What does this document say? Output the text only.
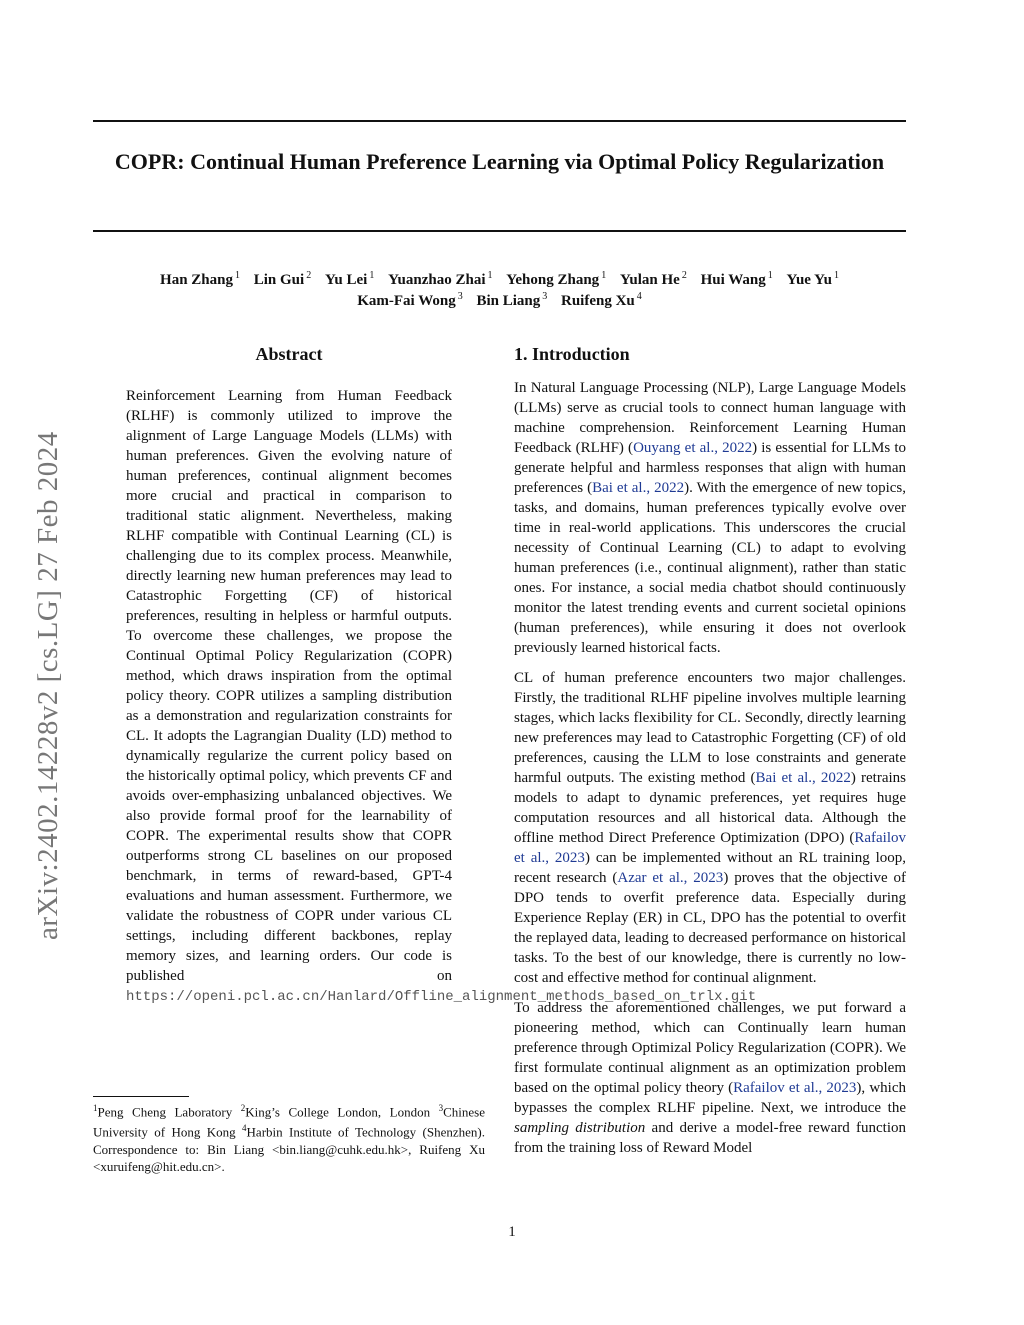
COPR: Continual Human Preference Learning via Optimal Policy Regularization
Han Zhang $^1$ Lin Gui $^2$ Yu Lei $^1$ Yuanzhao Zhai $^1$ Yehong Zhang $^1$ Yulan He $^2$ Hui Wang $^1$ Yue Yu $^1$
Kam-Fai Wong $^3$ Bin Liang $^3$ Ruifeng Xu $^4$
arXiv:2402.14228v2 [cs.LG] 27 Feb 2024
Abstract
Reinforcement Learning from Human Feedback (RLHF) is commonly utilized to improve the alignment of Large Language Models (LLMs) with human preferences. Given the evolving nature of human preferences, continual alignment becomes more crucial and practical in comparison to traditional static alignment. Nevertheless, making RLHF compatible with Continual Learning (CL) is challenging due to its complex process. Meanwhile, directly learning new human preferences may lead to Catastrophic Forgetting (CF) of historical preferences, resulting in helpless or harmful outputs. To overcome these challenges, we propose the Continual Optimal Policy Regularization (COPR) method, which draws inspiration from the optimal policy theory. COPR utilizes a sampling distribution as a demonstration and regularization constraints for CL. It adopts the Lagrangian Duality (LD) method to dynamically regularize the current policy based on the historically optimal policy, which prevents CF and avoids over-emphasizing unbalanced objectives. We also provide formal proof for the learnability of COPR. The experimental results show that COPR outperforms strong CL baselines on our proposed benchmark, in terms of reward-based, GPT-4 evaluations and human assessment. Furthermore, we validate the robustness of COPR under various CL settings, including different backbones, replay memory sizes, and learning orders. Our code is published on https://openi.pcl.ac.cn/Hanlard/Offline_alignment_methods_based_on_trlx.git
1. Introduction

In Natural Language Processing (NLP), Large Language Models (LLMs) serve as crucial tools to connect human language with machine comprehension. Reinforcement Learning Human Feedback (RLHF) (Ouyang et al., 2022) is essential for LLMs to generate helpful and harmless responses that align with human preferences (Bai et al., 2022). With the emergence of new topics, tasks, and domains, human preferences typically evolve over time in real-world applications. This underscores the crucial necessity of Continual Learning (CL) to adapt to evolving human preferences (i.e., continual alignment), rather than static ones. For instance, a social media chatbot should continuously monitor the latest trending events and current societal opinions (human preferences), while ensuring it does not overlook previously learned historical facts.

CL of human preference encounters two major challenges. Firstly, the traditional RLHF pipeline involves multiple learning stages, which lacks flexibility for CL. Secondly, directly learning new preferences may lead to Catastrophic Forgetting (CF) of old preferences, causing the LLM to lose constraints and generate harmful outputs. The existing method (Bai et al., 2022) retrains models to adapt to dynamic preferences, yet requires huge computation resources and all historical data. Although the offline method Direct Preference Optimization (DPO) (Rafailov et al., 2023) can be implemented without an RL training loop, recent research (Azar et al., 2023) proves that the objective of DPO tends to overfit preference data. Especially during Experience Replay (ER) in CL, DPO has the potential to overfit the replayed data, leading to decreased performance on historical tasks. To the best of our knowledge, there is currently no low-cost and effective method for continual alignment.

To address the aforementioned challenges, we put forward a pioneering method, which can Continually learn human preference through Optimizal Policy Regularization (COPR). We first formulate continual alignment as an optimization problem based on the optimal policy theory (Rafailov et al., 2023), which bypasses the complex RLHF pipeline. Next, we introduce the sampling distribution and derive a model-free reward function from the training loss of Reward Model

$^1$Peng Cheng Laboratory $^2$King’s College London, London $^3$Chinese University of Hong Kong $^4$Harbin Institute of Technology (Shenzhen). Correspondence to: Bin Liang <bin.liang@cuhk.edu.hk>, Ruifeng Xu <xuruifeng@hit.edu.cn>.
1
